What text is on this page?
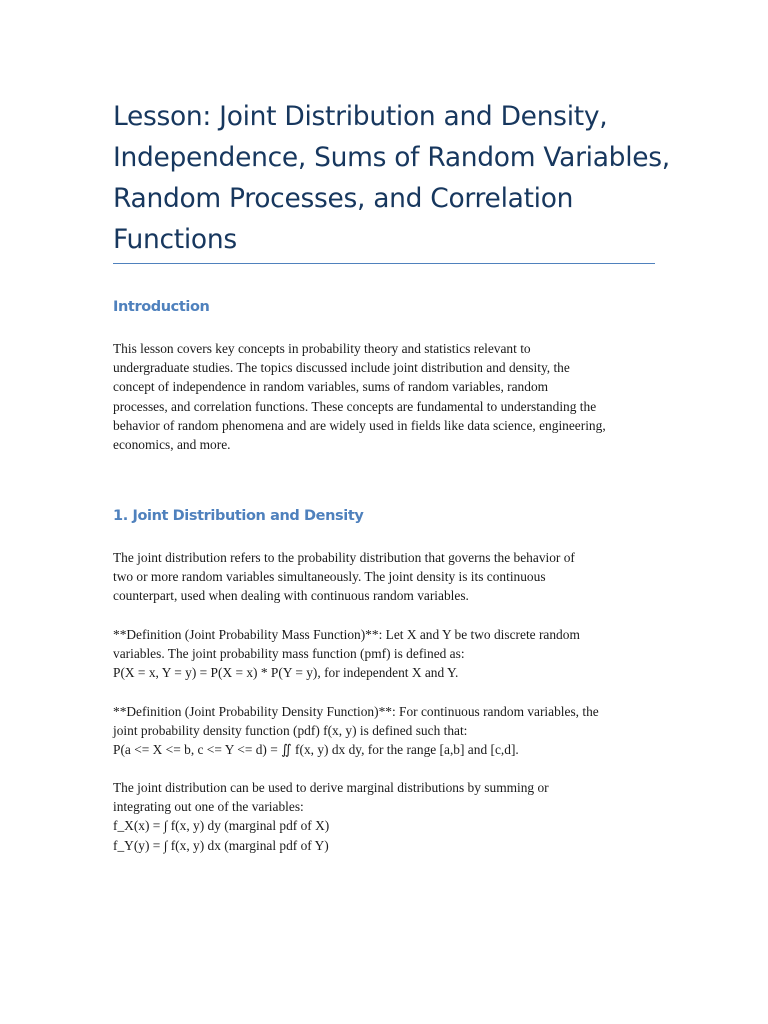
Lesson: Joint Distribution and Density, Independence, Sums of Random Variables, Random Processes, and Correlation Functions
Introduction

This lesson covers key concepts in probability theory and statistics relevant to
undergraduate studies. The topics discussed include joint distribution and density, the
concept of independence in random variables, sums of random variables, random
processes, and correlation functions. These concepts are fundamental to understanding the
behavior of random phenomena and are widely used in fields like data science, engineering,
economics, and more.

1. Joint Distribution and Density

The joint distribution refers to the probability distribution that governs the behavior of
two or more random variables simultaneously. The joint density is its continuous
counterpart, used when dealing with continuous random variables.

**Definition (Joint Probability Mass Function)**: Let X and Y be two discrete random
variables. The joint probability mass function (pmf) is defined as:
P(X = x, Y = y) = P(X = x) * P(Y = y), for independent X and Y.

**Definition (Joint Probability Density Function)**: For continuous random variables, the
joint probability density function (pdf) f(x, y) is defined such that:
P(a <= X <= b, c <= Y <= d) = ∬ f(x, y) dx dy, for the range [a,b] and [c,d].

The joint distribution can be used to derive marginal distributions by summing or
integrating out one of the variables:
f_X(x) = ∫ f(x, y) dy (marginal pdf of X)
f_Y(y) = ∫ f(x, y) dx (marginal pdf of Y)
